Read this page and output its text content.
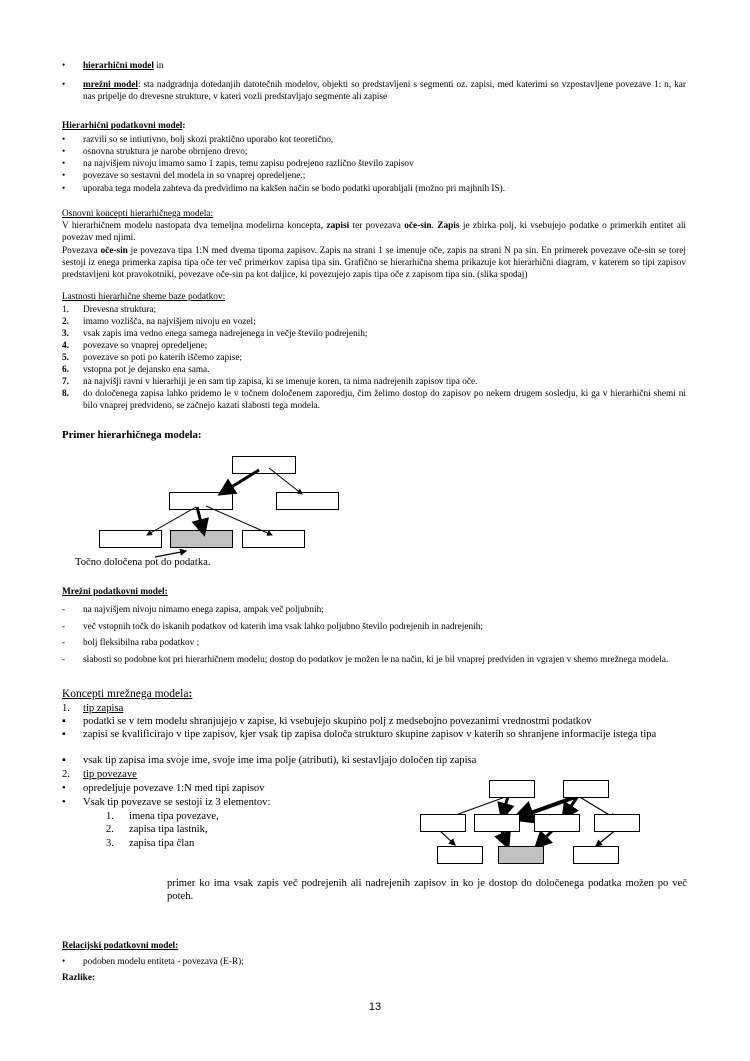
•	hierarhični model in
•	mrežni model: sta nadgradnja dotedanjih datotečnih modelov, objekti so predstavljeni s segmenti oz. zapisi, med katerimi so vzpostavljene povezave 1: n, kar nas pripelje do drevesne strukture, v kateri vozli predstavljajo segmente ali zapise
Hierarhični podatkovni model:
•	razvili so se intiutivno, bolj skozi praktično uporabo kot teoretično,
•	osnovna struktura je narobe obrnjeno drevo;
•	na najvišjem nivoju imamo samo 1 zapis, temu zapisu podrejeno različno število zapisov
•	povezave so sestavni del modela in so vnaprej opredeljene.;
•	uporaba tega modela zahteva da predvidimo na kakšen način se bodo podatki uporabljali (možno pri majhnih IS).
Osnovni koncepti hierarhičnega modela:
V hierarhičnem modelu nastopata dva temeljna modelirna koncepta, zapisi ter povezava oče-sin. Zapis je zbirka polj, ki vsebujejo podatke o primerkih entitet ali povezav med njimi.
Povezava oče-sin je povezava tipa 1:N med dvema tipoma zapisov. Zapis na strani 1 se imenuje oče, zapis na strani N pa sin. En primerek povezave oče-sin se torej sestoji iz enega primerka zapisa tipa oče ter več primerkov zapisa tipa sin. Grafično se hierarhična shema prikazuje kot hierarhični diagram, v katerem so tipi zapisov predstavljeni kot pravokotniki, povezave oče-sin pa kot daljice, ki povezujejo zapis tipa oče z zapisom tipa sin. (slika spodaj)
Lastnosti hierarhične sheme baze podatkov:
1. Drevesna struktura;
2. imamo vozlišča, na najvišjem nivoju en vozel;
3. vsak zapis ima vedno enega samega nadrejenega in večje število podrejenih;
4. povezave so vnaprej opredeljene;
5. povezave so poti po katerih iščemo zapise;
6. vstopna pot je dejansko ena sama.
7. na najvišji ravni v hierarhiji je en sam tip zapisa, ki se imenuje koren, ta nima nadrejenih zapisov tipa oče.
8. do določenega zapisa lahko pridemo le v točnem določenem zaporedju, čim želimo dostop do zapisov po nekem drugem sosledju, ki ga v hierarhični shemi ni bilo vnaprej predvideno, se začnejo kazati slabosti tega modela.
Primer hierarhičnega modela:
Točno določena pot do podatka.
Mrežni podatkovni model:
-	na najvišjem nivoju nimamo enega zapisa, ampak več poljubnih;
-	več vstopnih točk do iskanih podatkov od katerih ima vsak lahko poljubno število podrejenih in nadrejenih;
-	bolj fleksibilna raba podatkov ;
-	slabosti so podobne kot pri hierarhičnem modelu; dostop do podatkov je možen le na način, ki je bil vnaprej predviden in vgrajen v shemo mrežnega modela.
Koncepti mrežnega modela:
1. tip zapisa
▪	podatki se v tem modelu shranjujejo v zapise, ki vsebujejo skupino polj z medsebojno povezanimi vrednostmi podatkov
▪	zapisi se kvalificirajo v tipe zapisov, kjer vsak tip zapisa določa strukturo skupine zapisov v katerih so shranjene informacije istega tipa
▪	vsak tip zapisa ima svoje ime, svoje ime ima polje (atributi), ki sestavljajo določen tip zapisa
2. tip povezave
•	opredeljuje povezave 1:N med tipi zapisov
•	Vsak tip povezave se sestoji iz 3 elementov:
1. imena tipa povezave,
2. zapisa tipa lastnik,
3. zapisa tipa član
primer ko ima vsak zapis več podrejenih ali nadrejenih zapisov in ko je dostop do določenega podatka možen po več poteh.
Relacijski podatkovni model:
•	podoben modelu entiteta - povezava (E-R);
Razlike:
13
